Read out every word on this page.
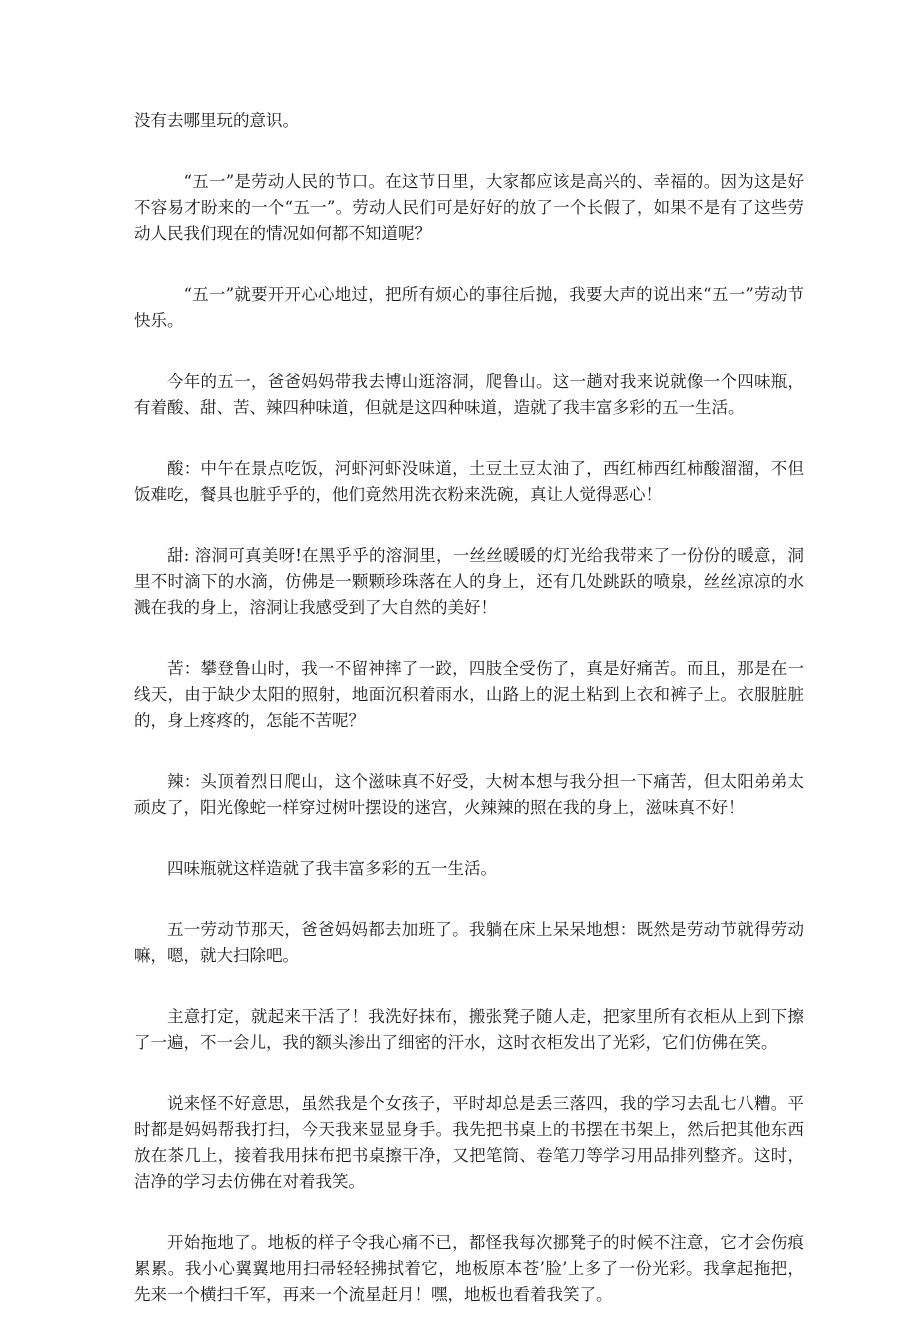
没有去哪里玩的意识。

“五一”是劳动人民的节口。在这节日里，大家都应该是高兴的、幸福的。因为这是好不容易才盼来的一个“五一”。劳动人民们可是好好的放了一个长假了，如果不是有了这些劳动人民我们现在的情况如何都不知道呢？

“五一”就要开开心心地过，把所有烦心的事往后抛，我要大声的说出来“五一”劳动节快乐。

今年的五一，爸爸妈妈带我去博山逛溶洞，爬鲁山。这一趟对我来说就像一个四味瓶，有着酸、甜、苦、辣四种味道，但就是这四种味道，造就了我丰富多彩的五一生活。

酸：中午在景点吃饭，河虾河虾没味道，土豆土豆太油了，西红柿西红柿酸溜溜，不但饭难吃，餐具也脏乎乎的，他们竟然用洗衣粉来洗碗，真让人觉得恶心！

甜: 溶洞可真美呀!在黑乎乎的溶洞里，一丝丝暖暖的灯光给我带来了一份份的暖意，洞里不时滴下的水滴，仿佛是一颗颗珍珠落在人的身上，还有几处跳跃的喷泉，丝丝凉凉的水溅在我的身上，溶洞让我感受到了大自然的美好！

苦：攀登鲁山时，我一不留神摔了一跤，四肢全受伤了，真是好痛苦。而且，那是在一线天，由于缺少太阳的照射，地面沉积着雨水，山路上的泥土粘到上衣和裤子上。衣服脏脏的，身上疼疼的，怎能不苦呢？

辣：头顶着烈日爬山，这个滋味真不好受，大树本想与我分担一下痛苦，但太阳弟弟太顽皮了，阳光像蛇一样穿过树叶摆设的迷宫，火辣辣的照在我的身上，滋味真不好！

四味瓶就这样造就了我丰富多彩的五一生活。

五一劳动节那天，爸爸妈妈都去加班了。我躺在床上呆呆地想：既然是劳动节就得劳动嘛，嗯，就大扫除吧。

主意打定，就起来干活了！我洗好抹布，搬张凳子随人走，把家里所有衣柜从上到下擦了一遍，不一会儿，我的额头渗出了细密的汗水，这时衣柜发出了光彩，它们仿佛在笑。

说来怪不好意思，虽然我是个女孩子，平时却总是丢三落四，我的学习去乱七八糟。平时都是妈妈帮我打扫，今天我来显显身手。我先把书桌上的书摆在书架上，然后把其他东西放在茶几上，接着我用抹布把书桌擦干净，又把笔筒、卷笔刀等学习用品排列整齐。这时，洁净的学习去仿佛在对着我笑。

开始拖地了。地板的样子令我心痛不已，都怪我每次挪凳子的时候不注意，它才会伤痕累累。我小心翼翼地用扫帚轻轻拂拭着它，地板原本苍’脸’上多了一份光彩。我拿起拖把，先来一个横扫千军，再来一个流星赶月！嘿，地板也看着我笑了。
